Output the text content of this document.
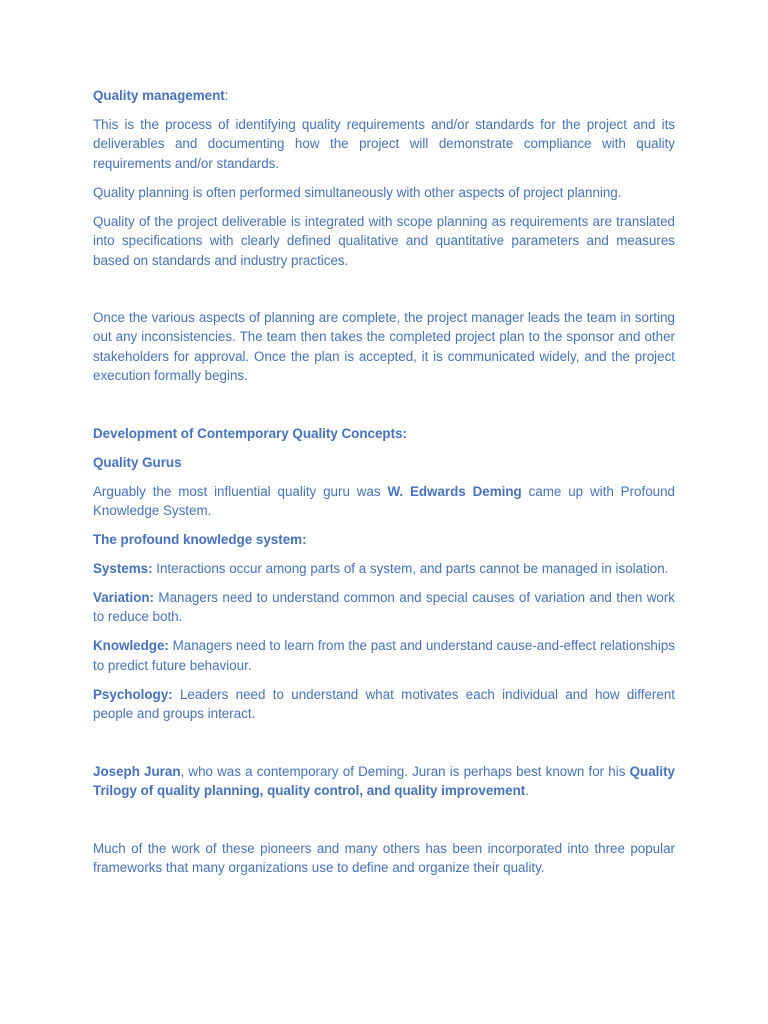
Quality management:

This is the process of identifying quality requirements and/or standards for the project and its deliverables and documenting how the project will demonstrate compliance with quality requirements and/or standards.

Quality planning is often performed simultaneously with other aspects of project planning.

Quality of the project deliverable is integrated with scope planning as requirements are translated into specifications with clearly defined qualitative and quantitative parameters and measures based on standards and industry practices.

Once the various aspects of planning are complete, the project manager leads the team in sorting out any inconsistencies. The team then takes the completed project plan to the sponsor and other stakeholders for approval. Once the plan is accepted, it is communicated widely, and the project execution formally begins.

Development of Contemporary Quality Concepts:

Quality Gurus

Arguably the most influential quality guru was W. Edwards Deming came up with Profound Knowledge System.

The profound knowledge system:

Systems: Interactions occur among parts of a system, and parts cannot be managed in isolation.

Variation: Managers need to understand common and special causes of variation and then work to reduce both.

Knowledge: Managers need to learn from the past and understand cause-and-effect relationships to predict future behaviour.

Psychology: Leaders need to understand what motivates each individual and how different people and groups interact.

Joseph Juran, who was a contemporary of Deming. Juran is perhaps best known for his Quality Trilogy of quality planning, quality control, and quality improvement.

Much of the work of these pioneers and many others has been incorporated into three popular frameworks that many organizations use to define and organize their quality.
